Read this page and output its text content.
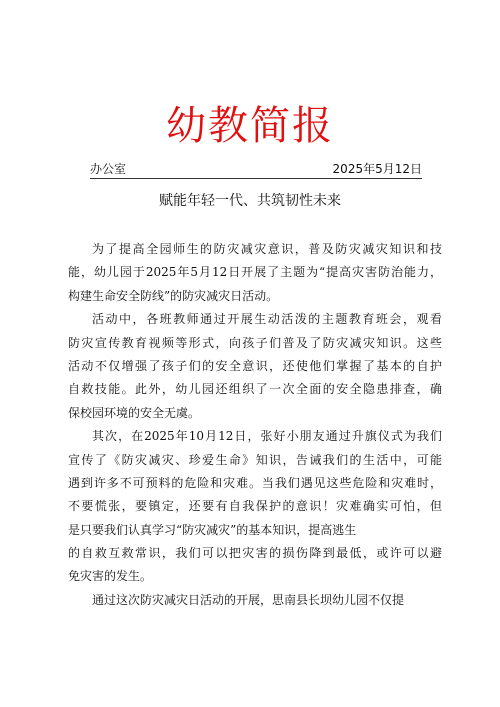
幼教简报
办公室	2025年5月12日
赋能年轻一代、共筑韧性未来
为了提高全园师生的防灾减灾意识，普及防灾减灾知识和技
能，幼儿园于2025年5月12日开展了主题为“提高灾害防治能力，
构建生命安全防线”的防灾减灾日活动。
活动中，各班教师通过开展生动活泼的主题教育班会，观看
防灾宣传教育视频等形式，向孩子们普及了防灾减灾知识。这些
活动不仅增强了孩子们的安全意识，还使他们掌握了基本的自护
自救技能。此外，幼儿园还组织了一次全面的安全隐患排查，确
保校园环境的安全无虞。
其次，在2025年10月12日，张好小朋友通过升旗仪式为我们
宣传了《防灾减灾、珍爱生命》知识，告诫我们的生活中，可能
遇到许多不可预料的危险和灾难。当我们遇见这些危险和灾难时，
不要慌张，要镇定，还要有自我保护的意识！灾难确实可怕，但
是只要我们认真学习“防灾减灾”的基本知识，提高逃生
的自救互救常识，我们可以把灾害的损伤降到最低，或许可以避
免灾害的发生。
通过这次防灾减灾日活动的开展，思南县长坝幼儿园不仅提
